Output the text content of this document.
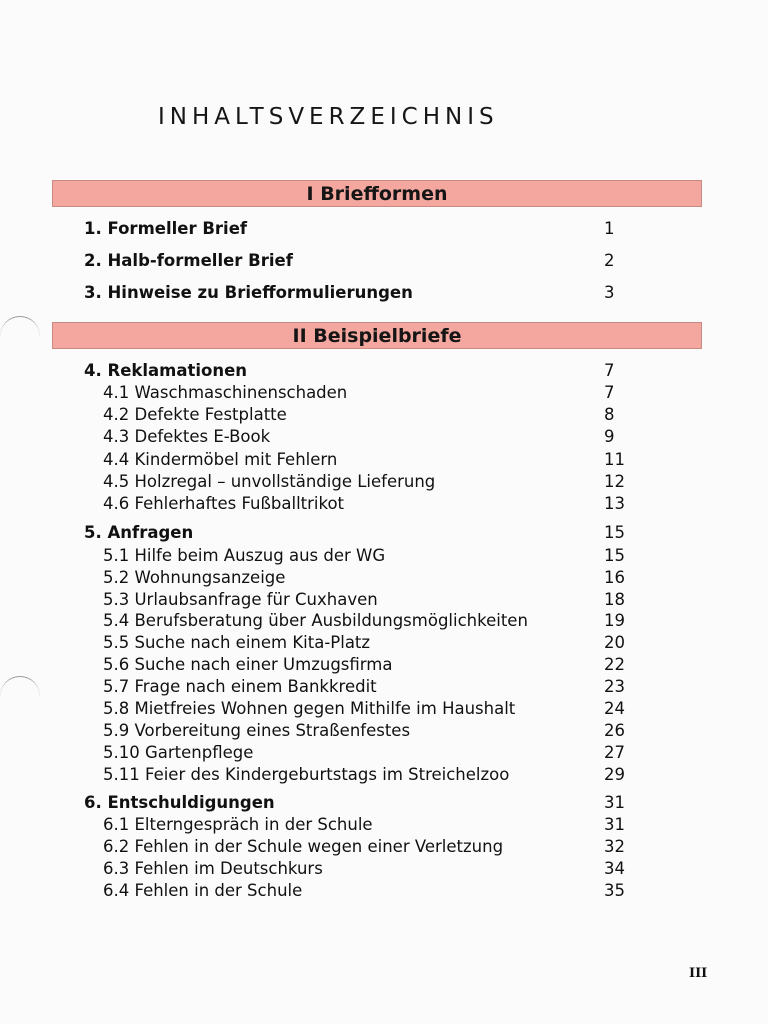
INHALTSVERZEICHNIS
I Briefformen
1. Formeller Brief	1
2. Halb-formeller Brief	2
3. Hinweise zu Briefformulierungen	3
II Beispielbriefe
4. Reklamationen	7
4.1 Waschmaschinenschaden	7
4.2 Defekte Festplatte	8
4.3 Defektes E-Book	9
4.4 Kindermöbel mit Fehlern	11
4.5 Holzregal – unvollständige Lieferung	12
4.6 Fehlerhaftes Fußballtrikot	13
5. Anfragen	15
5.1 Hilfe beim Auszug aus der WG	15
5.2 Wohnungsanzeige	16
5.3 Urlaubsanfrage für Cuxhaven	18
5.4 Berufsberatung über Ausbildungsmöglichkeiten	19
5.5 Suche nach einem Kita-Platz	20
5.6 Suche nach einer Umzugsfirma	22
5.7 Frage nach einem Bankkredit	23
5.8 Mietfreies Wohnen gegen Mithilfe im Haushalt	24
5.9 Vorbereitung eines Straßenfestes	26
5.10 Gartenpflege	27
5.11 Feier des Kindergeburtstags im Streichelzoo	29
6. Entschuldigungen	31
6.1 Elterngespräch in der Schule	31
6.2 Fehlen in der Schule wegen einer Verletzung	32
6.3 Fehlen im Deutschkurs	34
6.4 Fehlen in der Schule	35
III
